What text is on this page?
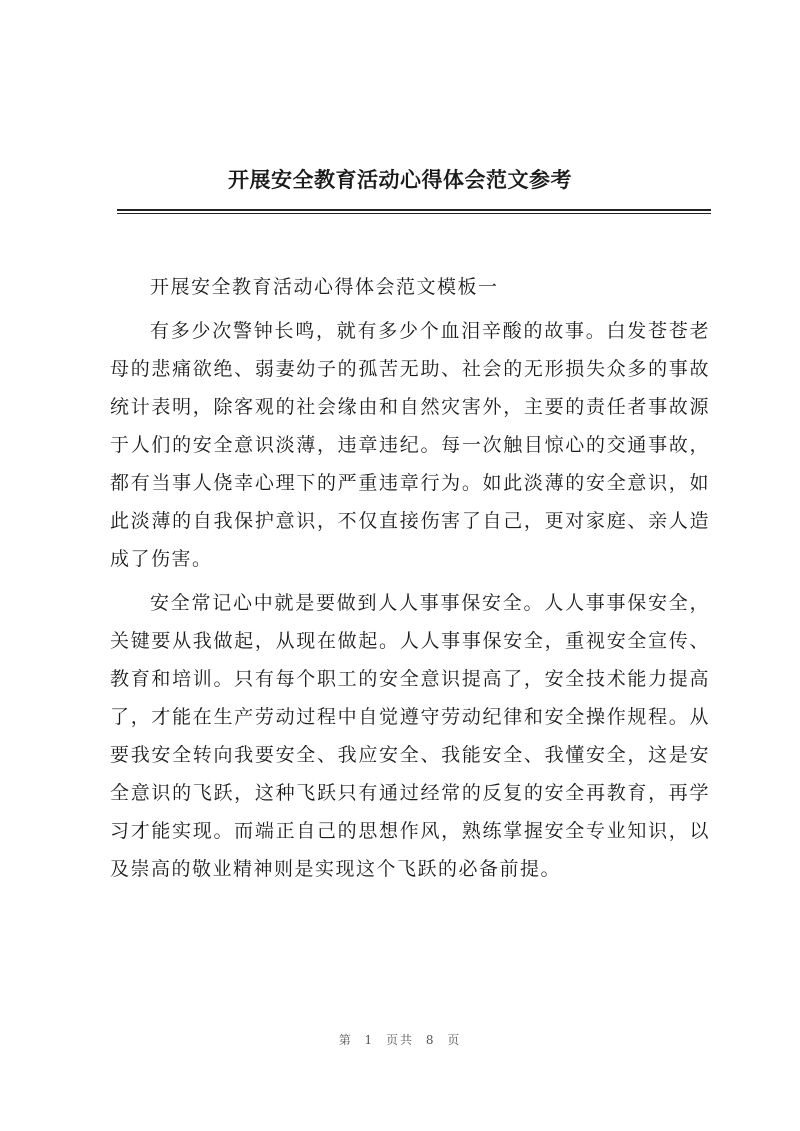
开展安全教育活动心得体会范文参考

开展安全教育活动心得体会范文模板一

有多少次警钟长鸣，就有多少个血泪辛酸的故事。白发苍苍老母的悲痛欲绝、弱妻幼子的孤苦无助、社会的无形损失众多的事故统计表明，除客观的社会缘由和自然灾害外，主要的责任者事故源于人们的安全意识淡薄，违章违纪。每一次触目惊心的交通事故，都有当事人侥幸心理下的严重违章行为。如此淡薄的安全意识，如此淡薄的自我保护意识，不仅直接伤害了自己，更对家庭、亲人造成了伤害。

安全常记心中就是要做到人人事事保安全。人人事事保安全，关键要从我做起，从现在做起。人人事事保安全，重视安全宣传、教育和培训。只有每个职工的安全意识提高了，安全技术能力提高了，才能在生产劳动过程中自觉遵守劳动纪律和安全操作规程。从要我安全转向我要安全、我应安全、我能安全、我懂安全，这是安全意识的飞跃，这种飞跃只有通过经常的反复的安全再教育，再学习才能实现。而端正自己的思想作风，熟练掌握安全专业知识，以及崇高的敬业精神则是实现这个飞跃的必备前提。

第 1 页共 8 页
